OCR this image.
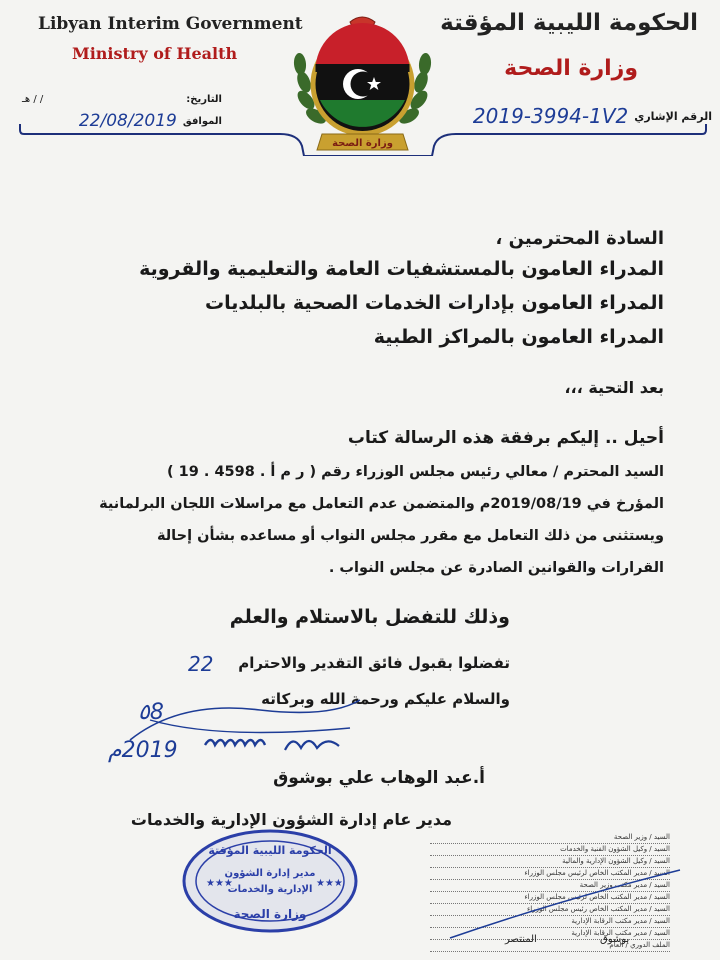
Libyan Interim Government
Ministry of Health
الحكومة الليبية المؤقتة
وزارة الصحة
الرقم الإشاري
2019-3994-1V2
التاريخ:
/ / هـ
الموافق
22/08/2019
وزارة الصحة
السادة المحترمين ،
المدراء العامون بالمستشفيات العامة والتعليمية والقروية
المدراء العامون بإدارات الخدمات الصحية بالبلديات
المدراء العامون بالمراكز الطبية
بعد التحية ،،،
أحيل .. إليكم برفقة هذه الرسالة كتاب
السيد المحترم / معالي رئيس مجلس الوزراء رقم ( ر م أ . 4598 . 19 )
المؤرخ في 2019/08/19م والمتضمن عدم التعامل مع مراسلات اللجان البرلمانية
ويستثنى من ذلك التعامل مع مقرر مجلس النواب أو مساعده بشأن إحالة
القرارات والقوانين الصادرة عن مجلس النواب .
وذلك للتفضل بالاستلام والعلم
تفضلوا بقبول فائق التقدير والاحترام
والسلام عليكم ورحمة الله وبركاته
22
٥8
2019م
أ.عبد الوهاب علي بوشوق
مدير عام إدارة الشؤون الإدارية والخدمات
الحكومة الليبية المؤقتة
مدير إدارة الشؤون
الإدارية والخدمات
وزارة الصحة
★★★	★★★
السيد / وزير الصحة
السيد / وكيل الشؤون الفنية والخدمات
السيد / وكيل الشؤون الإدارية والمالية
السيد / مدير المكتب الخاص لرئيس مجلس الوزراء
السيد / مدير مكتب وزير الصحة
السيد / مدير المكتب الخاص لرئيس مجلس الوزراء
السيد / مدير المكتب الخاص رئيس مجلس الوزراء
السيد / مدير مكتب الرقابة الإدارية
السيد / مدير مكتب الرقابة الإدارية
الملف الدوري / العام
المنتصر	بوشوق
